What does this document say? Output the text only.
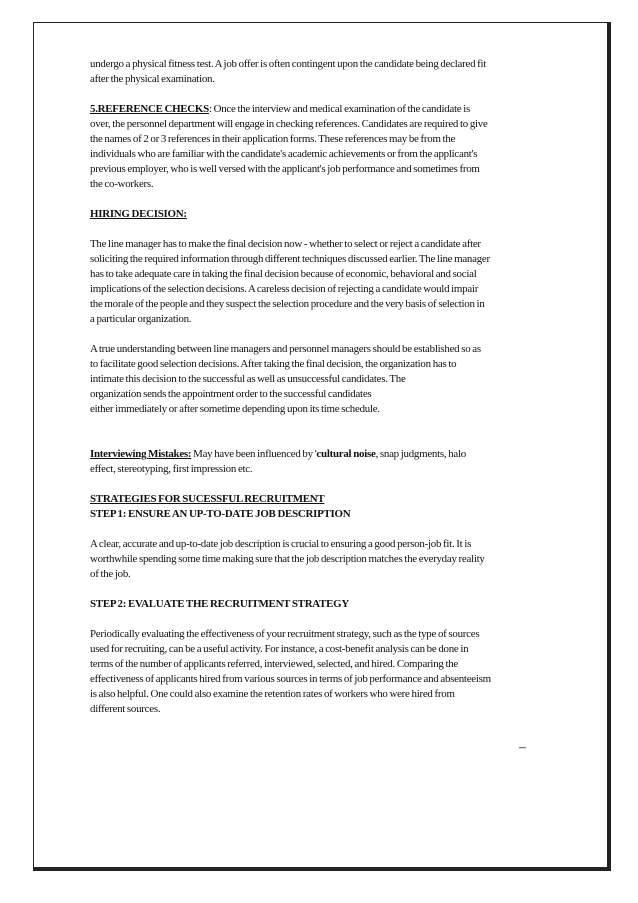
undergo a physical fitness test. A job offer is often contingent upon the candidate being declared fit
after the physical examination.

5.REFERENCE CHECKS: Once the interview and medical examination of the candidate is
over, the personnel department will engage in checking references. Candidates are required to give
the names of 2 or 3 references in their application forms. These references may be from the
individuals who are familiar with the candidate's academic achievements or from the applicant's
previous employer, who is well versed with the applicant's job performance and sometimes from
the co-workers.

HIRING DECISION:

The line manager has to make the final decision now - whether to select or reject a candidate after
soliciting the required information through different techniques discussed earlier. The line manager
has to take adequate care in taking the final decision because of economic, behavioral and social
implications of the selection decisions. A careless decision of rejecting a candidate would impair
the morale of the people and they suspect the selection procedure and the very basis of selection in
a particular organization.

A true understanding between line managers and personnel managers should be established so as
to facilitate good selection decisions. After taking the final decision, the organization has to
intimate this decision to the successful as well as unsuccessful candidates. The
organization sends the appointment order to the successful candidates
either immediately or after sometime depending upon its time schedule.

Interviewing Mistakes: May have been influenced by 'cultural noise, snap judgments, halo
effect, stereotyping, first impression etc.

STRATEGIES FOR SUCESSFUL RECRUITMENT

STEP 1: ENSURE AN UP-TO-DATE JOB DESCRIPTION

A clear, accurate and up-to-date job description is crucial to ensuring a good person-job fit. It is
worthwhile spending some time making sure that the job description matches the everyday reality
of the job.

STEP 2: EVALUATE THE RECRUITMENT STRATEGY

Periodically evaluating the effectiveness of your recruitment strategy, such as the type of sources
used for recruiting, can be a useful activity. For instance, a cost-benefit analysis can be done in
terms of the number of applicants referred, interviewed, selected, and hired. Comparing the
effectiveness of applicants hired from various sources in terms of job performance and absenteeism
is also helpful. One could also examine the retention rates of workers who were hired from
different sources.

–
